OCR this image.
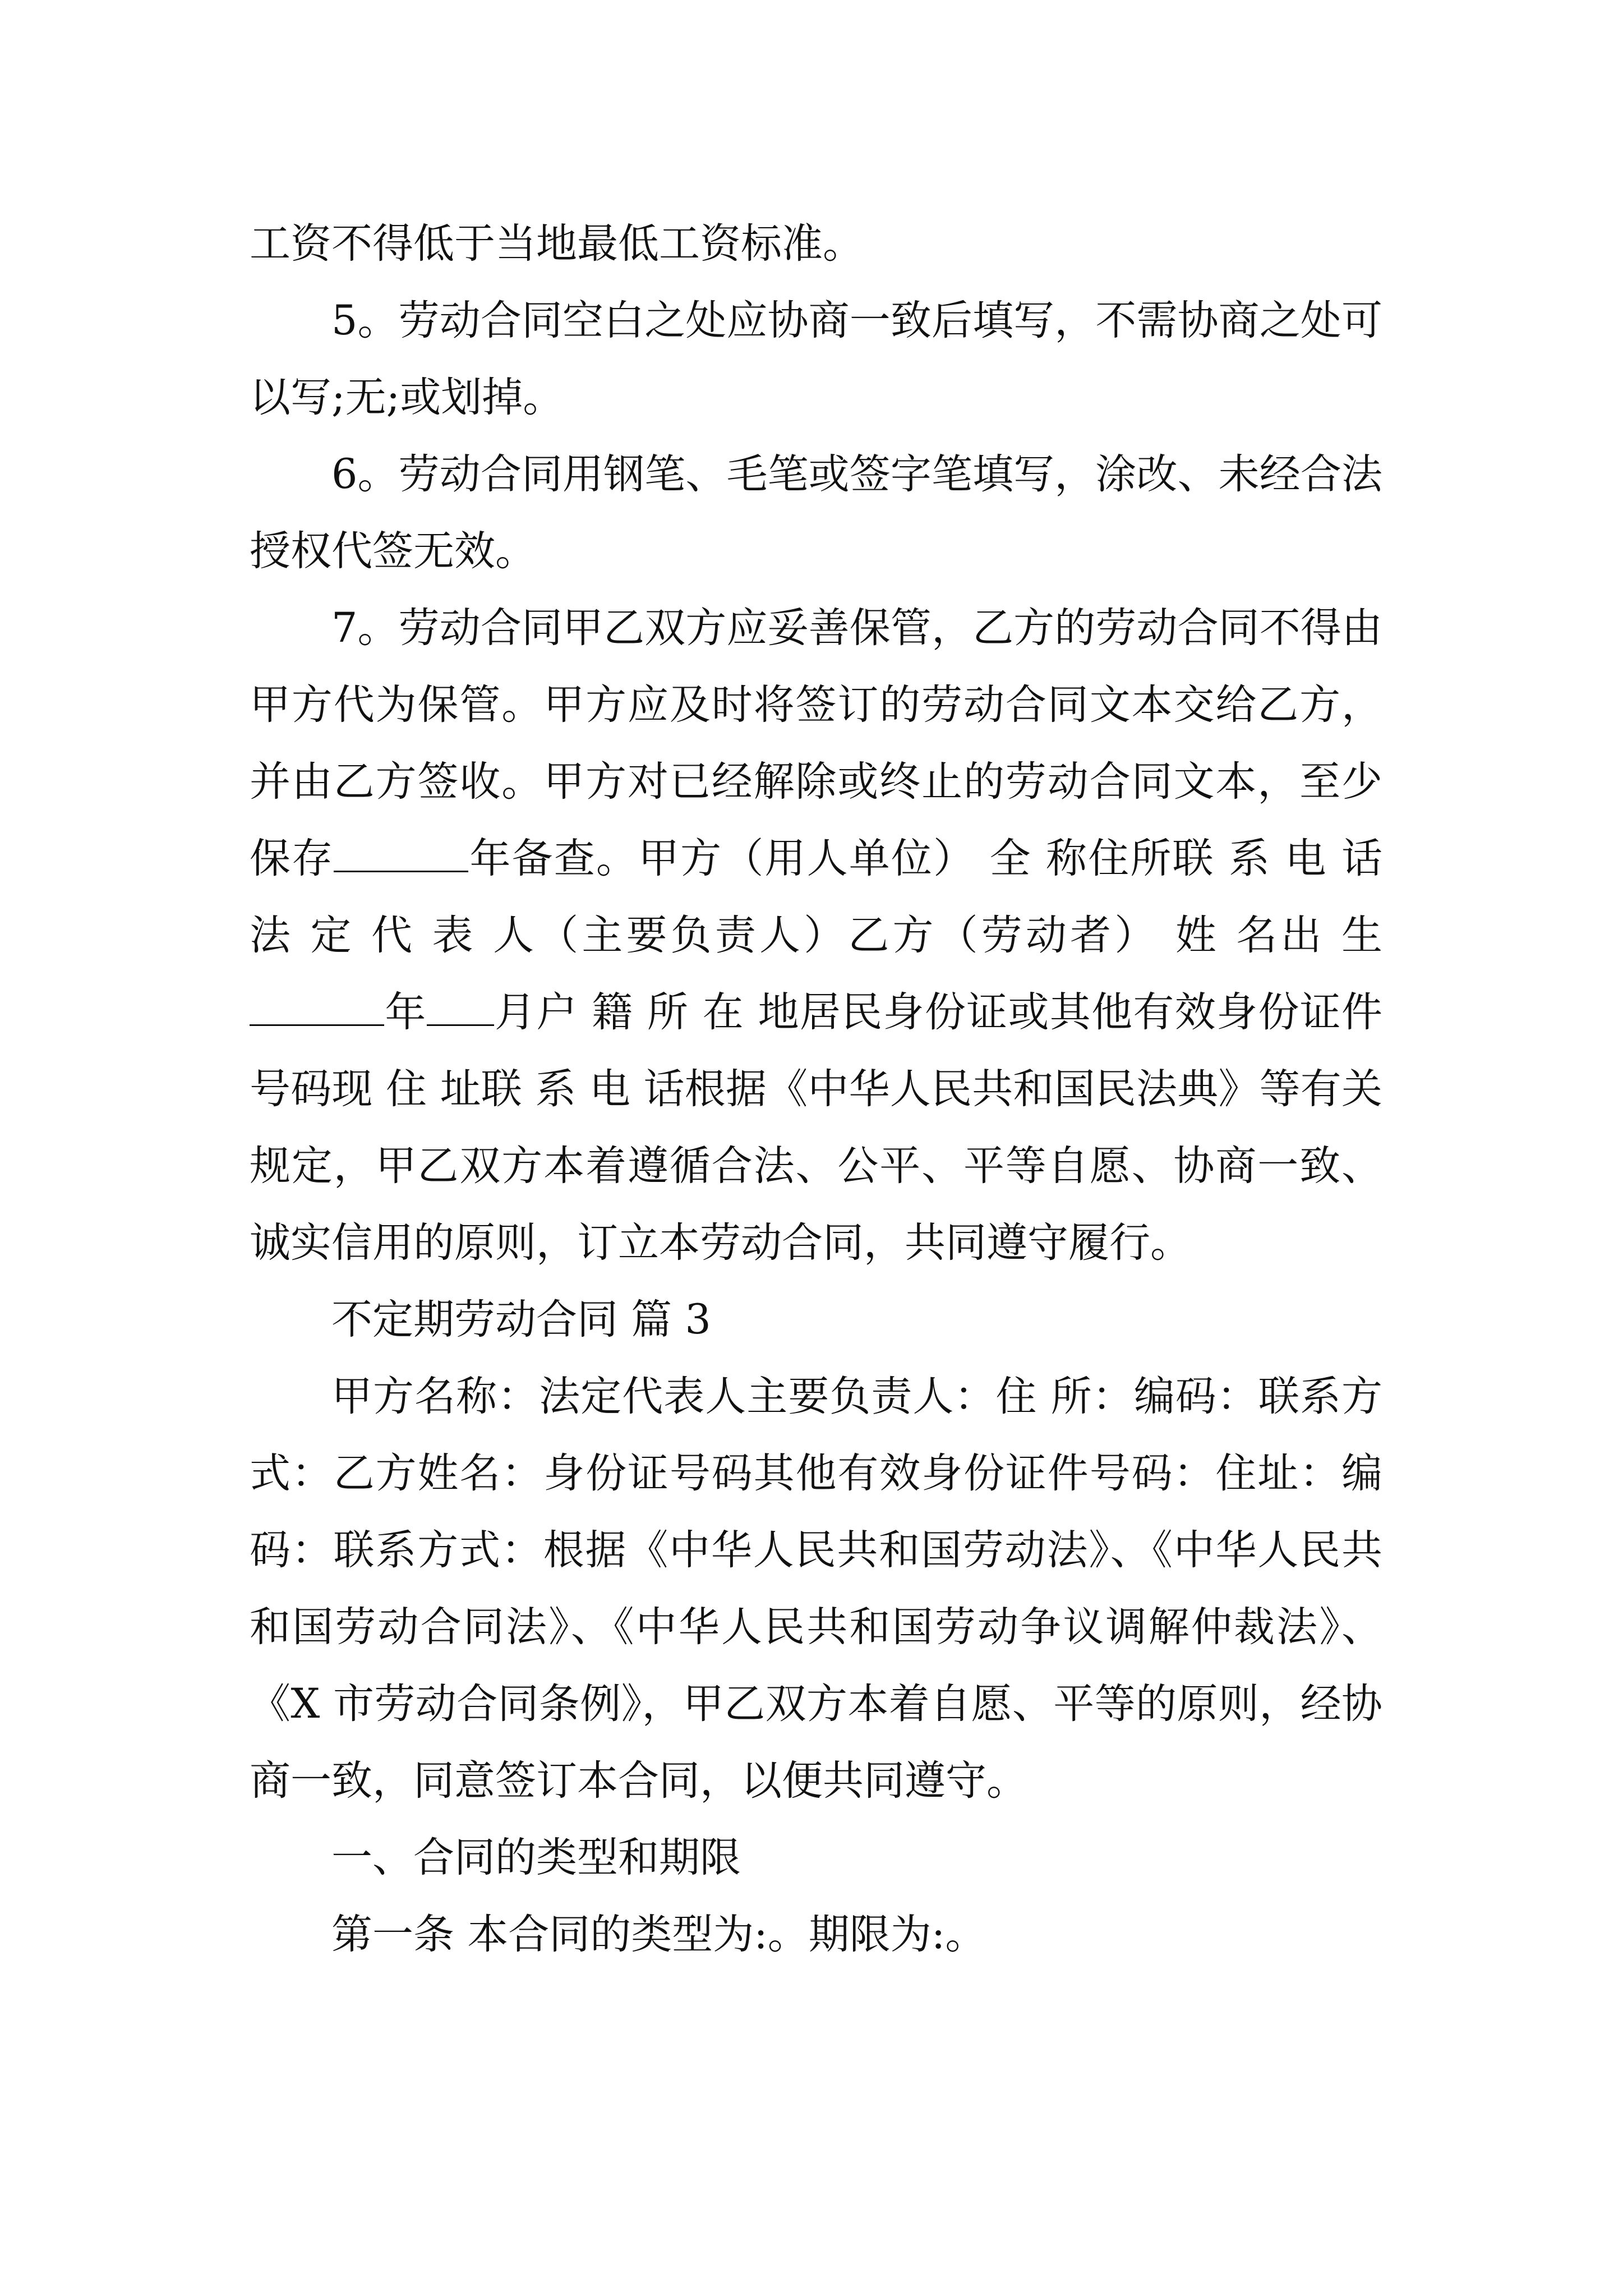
工资不得低于当地最低工资标准。

5。劳动合同空白之处应协商一致后填写，不需协商之处可以写;无;或划掉。

6。劳动合同用钢笔、毛笔或签字笔填写，涂改、未经合法授权代签无效。

7。劳动合同甲乙双方应妥善保管，乙方的劳动合同不得由甲方代为保管。甲方应及时将签订的劳动合同文本交给乙方，并由乙方签收。甲方对已经解除或终止的劳动合同文本，至少保存	年备查。甲方（用人单位） 全 称住所联 系 电 话法 定 代 表 人（主要负责人）乙方（劳动者） 姓 名出 生年 月户 籍 所 在 地居民身份证或其他有效身份证件号码现 住 址联 系 电 话根据《中华人民共和国民法典》等有关规定，甲乙双方本着遵循合法、公平、平等自愿、协商一致、诚实信用的原则，订立本劳动合同，共同遵守履行。

不定期劳动合同 篇 3

甲方名称：法定代表人主要负责人：住 所：编码：联系方式：乙方姓名：身份证号码其他有效身份证件号码：住址：编码：联系方式：根据《中华人民共和国劳动法》、《中华人民共和国劳动合同法》、《中华人民共和国劳动争议调解仲裁法》、《X 市劳动合同条例》，甲乙双方本着自愿、平等的原则，经协商一致，同意签订本合同，以便共同遵守。

一、合同的类型和期限

第一条 本合同的类型为:。期限为:。
